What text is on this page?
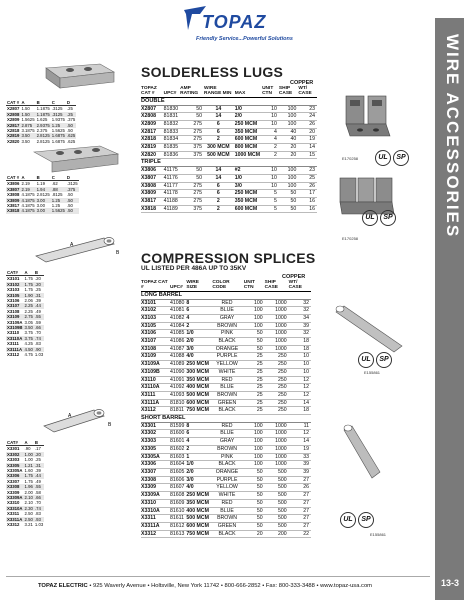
TOPAZ
Friendly Service...Powerful Solutions	WIRE ACCESSORIES
13-3
CAT #	A	B	C	D
X2807	1.50	1.1875	.3125	.25
X2808	1.50	1.1875	.3125	.25
X2809	1.5625	1.625	1.9375	.375
X2817	2.875	2.9375	1.25	.50
X2818	3.1875	2.375	1.5625	.50
X2819	3.50	2.8125	1.6875	.625
X2820	3.50	2.8125	1.6875	.625
CAT #	A	B	C	D
X3806	2.19	1.19	.62	.3125
X3807	2.19	1.94	.88	.375
X3808	4.1875	2.8125	.8125	.50
X3809	4.1875	3.00	1.25	.50
X3817	4.1875	3.00	1.25	.50
X3818	4.1875	3.00	1.5625	.50
A
B
CAT#	A	B
X3101	1.75	.20
X3102	1.75	.20
X3103	1.75	.25
X3105	1.90	.31
X3106	2.06	.39
X3107	2.25	.44
X3108	2.25	.49
X3109	2.75	.55
X3109A	3.05	.59
X3109B	3.50	.66
X3110	3.75	.70
X3110A	3.75	.74
X3111	4.25	.83
X3111A	4.50	.90
X3112	4.75	1.03
A
B
CAT#	A	B
X3301	.90	.17
X3302	1.00	.20
X3303	1.00	.25
X3305	1.21	.31
X3305A	1.60	.39
X3306	1.75	.44
X3307	1.75	.49
X3308	1.96	.55
X3309	2.00	.58
X3309A	2.10	.66
X3310	2.10	.70
X3310A	2.30	.74
X3311	2.50	.83
X3311A	2.50	.93
X3312	3.21	1.03
SOLDERLESS LUGS
COPPER
TOPAZ CAT #	UPC#	AMP RATING	WIRE RANGE MIN	MAX	UNIT CTN	SHIP CASE	WT/ CASE
DOUBLE							
X2807	81830	50	14	1/0	10	100	23
X2808	81831	50	14	2/0	10	100	24
X2809	81832	275	6	250 MCM	10	100	26
X2817	81833	275	6	350 MCM	4	40	20
X2818	81834	275	2	600 MCM	4	40	19
X2819	81835	375	300 MCM	800 MCM	2	20	14
X2820	81836	375	500 MCM	1000 MCM	2	20	15
TRIPLE							
X3806	41175	50	14	#2	10	100	23
X3807	41176	50	14	1/0	10	100	25
X3808	41177	275	6	3/0	10	100	26
X3809	41178	275	6	250 MCM	5	50	17
X3817	41188	275	2	350 MCM	5	50	16
X3818	41189	375	2	600 MCM	5	50	16
E170258	UL	SP
UL	SP
E170258
COMPRESSION SPLICES
UL LISTED PER 486A UP TO 35KV
COPPER
TOPAZ CAT #	UPC#	WIRE SIZE	COLOR CODE	UNIT CTN	SHIP CASE	WT/ CASE
LONG BARREL						
X3101	41080	8	RED	100	1000	32
X3102	41081	6	BLUE	100	1000	32
X3103	41082	4	GRAY	100	1000	34
X3105	41084	2	BROWN	100	1000	39
X3106	41085	1/0	PINK	50	1000	32
X3107	41086	2/0	BLACK	50	1000	18
X3108	41087	3/0	ORANGE	50	1000	18
X3109	41088	4/0	PURPLE	25	250	10
X3109A	41089	250 MCM	YELLOW	25	250	10
X3109B	41090	300 MCM	WHITE	25	250	10
X3110	41091	350 MCM	RED	25	250	12
X3110A	41092	400 MCM	BLUE	25	250	12
X3111	41093	500 MCM	BROWN	25	250	12
X3111A	81810	600 MCM	GREEN	25	250	14
X3112	81811	750 MCM	BLACK	25	250	18
SHORT BARREL						
X3301	81599	8	RED	100	1000	11
X3302	81600	6	BLUE	100	1000	12
X3303	81601	4	GRAY	100	1000	14
X3305	81602	2	BROWN	100	1000	19
X3305A	81603	1	PINK	100	1000	33
X3306	81604	1/0	BLACK	100	1000	39
X3307	81605	2/0	ORANGE	50	500	39
X3308	81606	3/0	PURPLE	50	500	27
X3309	81607	4/0	YELLOW	50	500	26
X3309A	81608	250 MCM	WHITE	50	500	27
X3310	81609	350 MCM	RED	50	500	27
X3310A	81610	400 MCM	BLUE	50	500	27
X3311	81611	500 MCM	BROWN	50	500	27
X3311A	81612	600 MCM	GREEN	50	500	27
X3312	81613	750 MCM	BLACK	20	200	22
UL	SP
E155861
UL	SP
E155861
TOPAZ ELECTRIC • 925 Waverly Avenue • Holtsville, New York 11742 • 800-666-2852 • Fax: 800-333-3488 • www.topaz-usa.com
